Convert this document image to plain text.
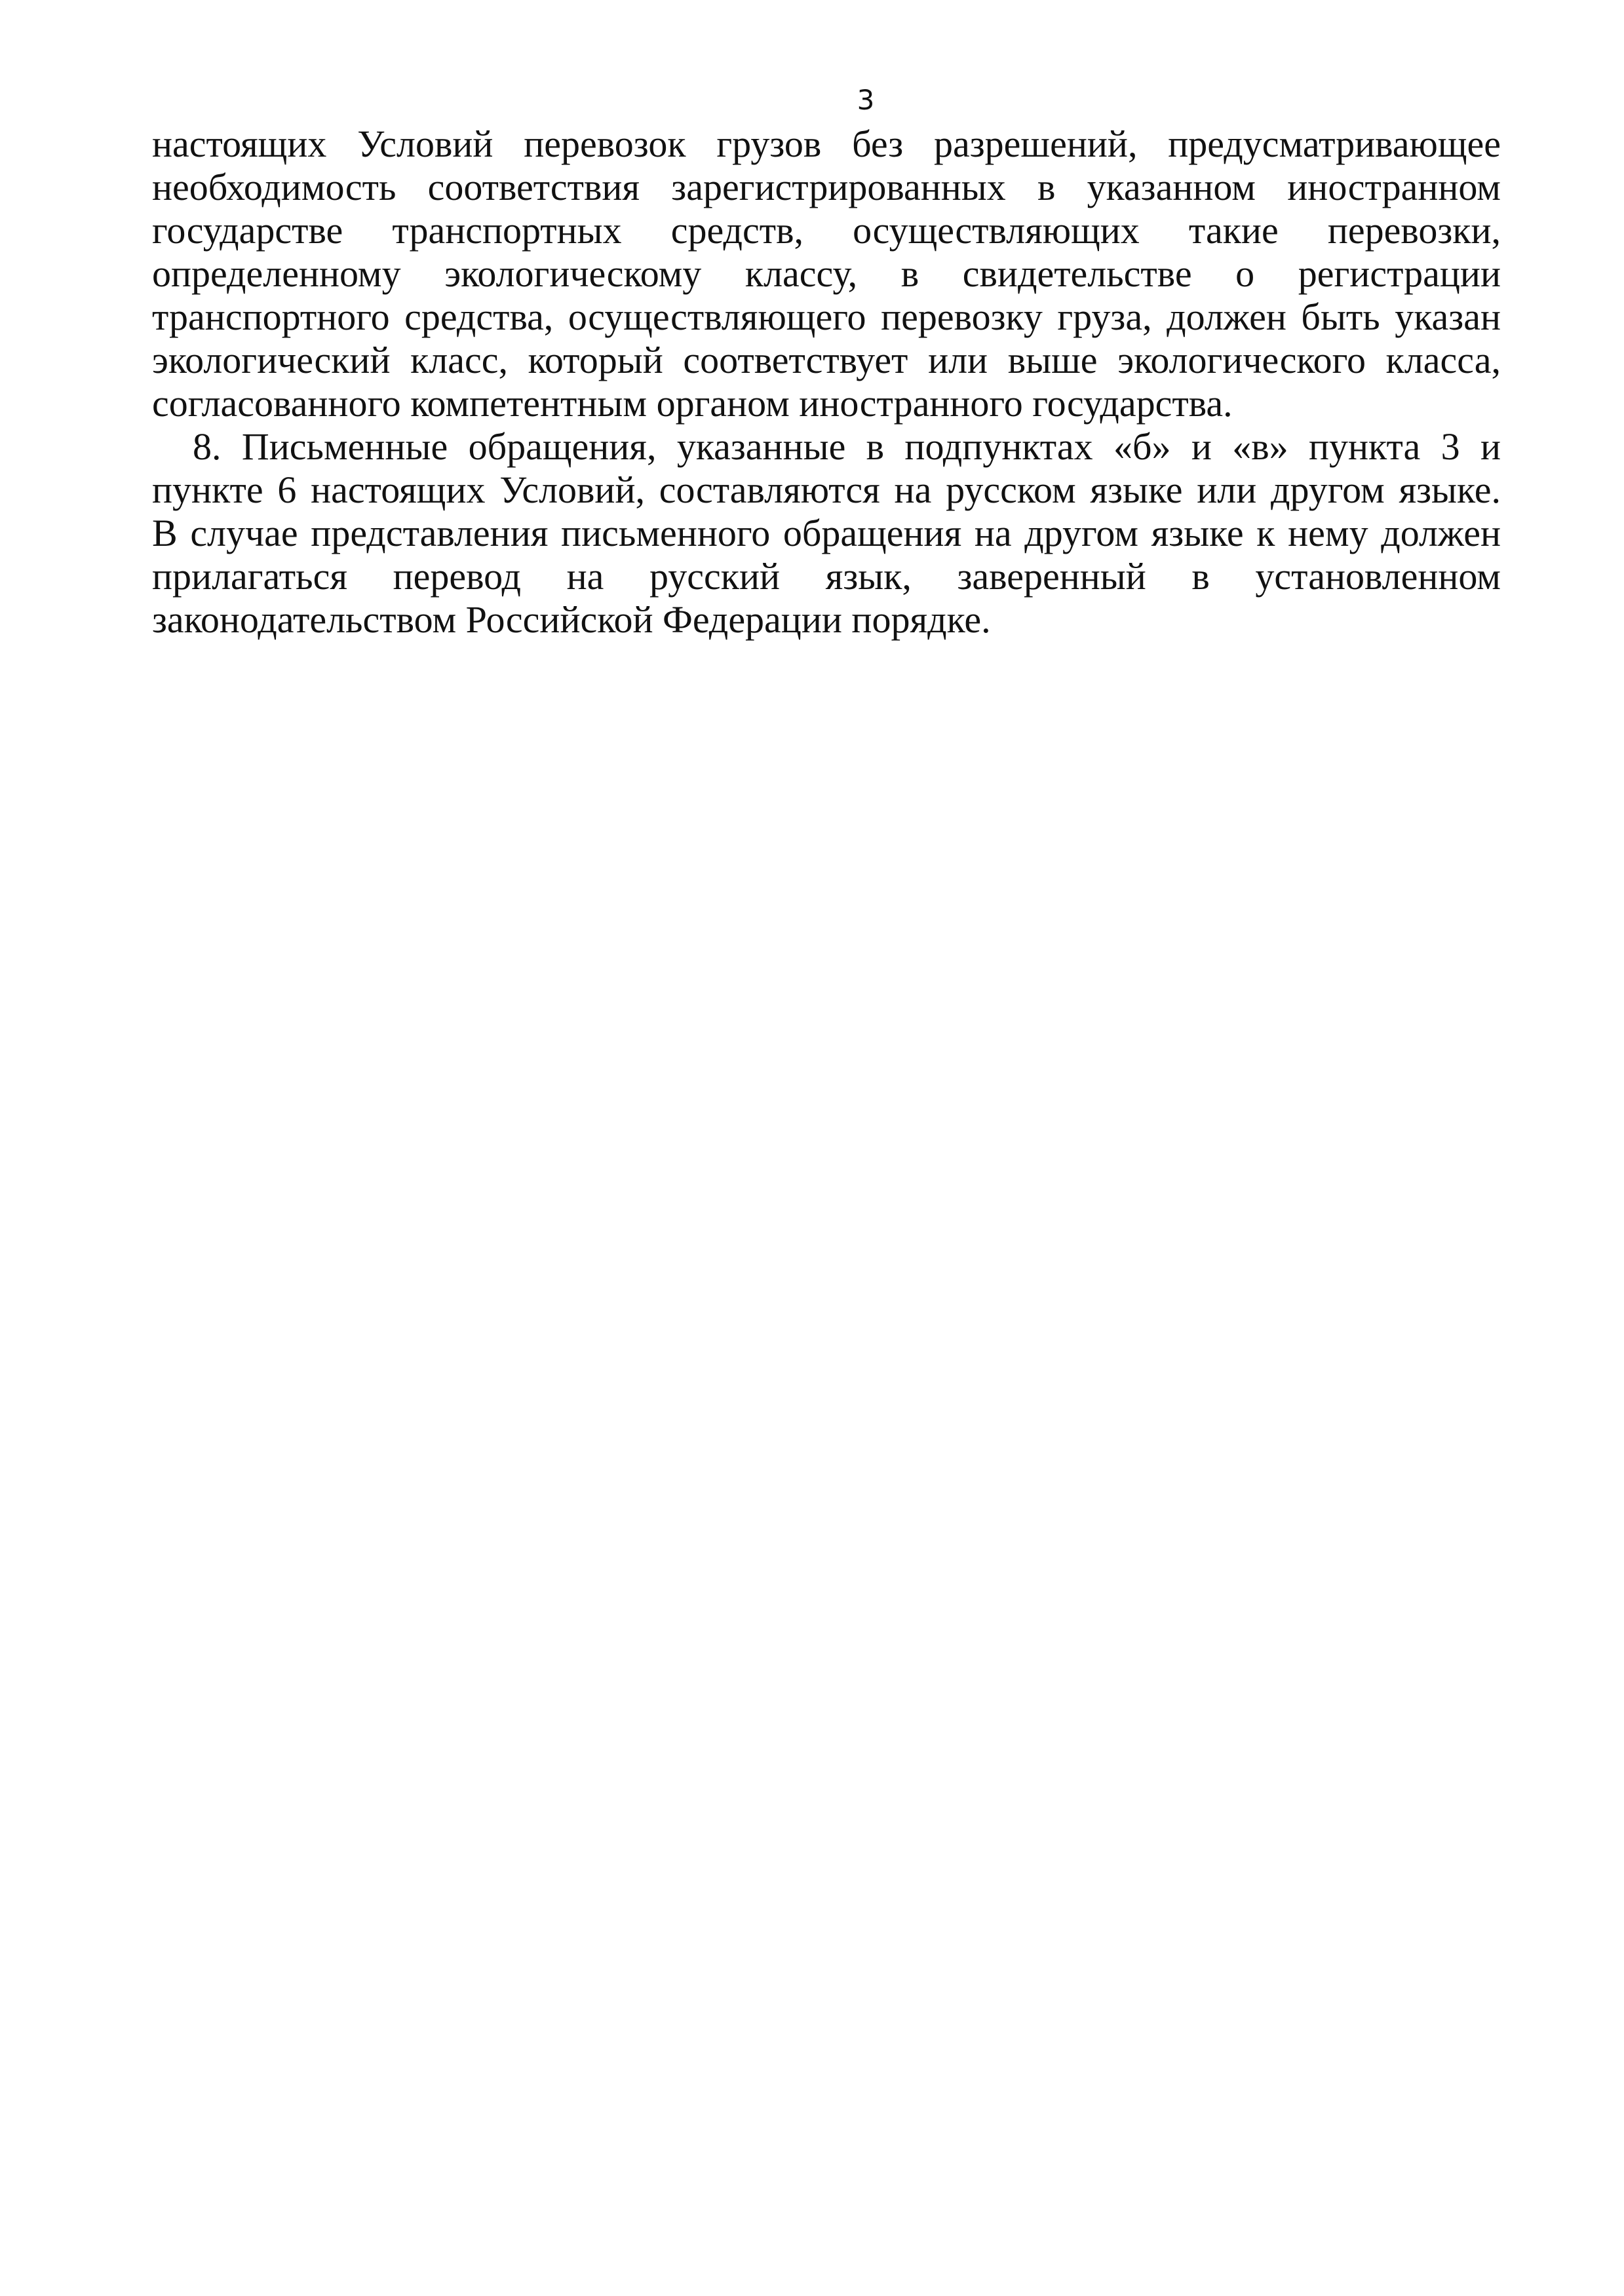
3
настоящих Условий перевозок грузов без разрешений, предусматривающее
необходимость соответствия зарегистрированных в указанном иностранном
государстве транспортных средств, осуществляющих такие перевозки,
определенному экологическому классу, в свидетельстве о регистрации
транспортного средства, осуществляющего перевозку груза, должен быть указан
экологический класс, который соответствует или выше экологического класса,
согласованного компетентным органом иностранного государства.
8. Письменные обращения, указанные в подпунктах «б» и «в» пункта 3 и
пункте 6 настоящих Условий, составляются на русском языке или другом языке.
В случае представления письменного обращения на другом языке к нему должен
прилагаться перевод на русский язык, заверенный в установленном
законодательством Российской Федерации порядке.
